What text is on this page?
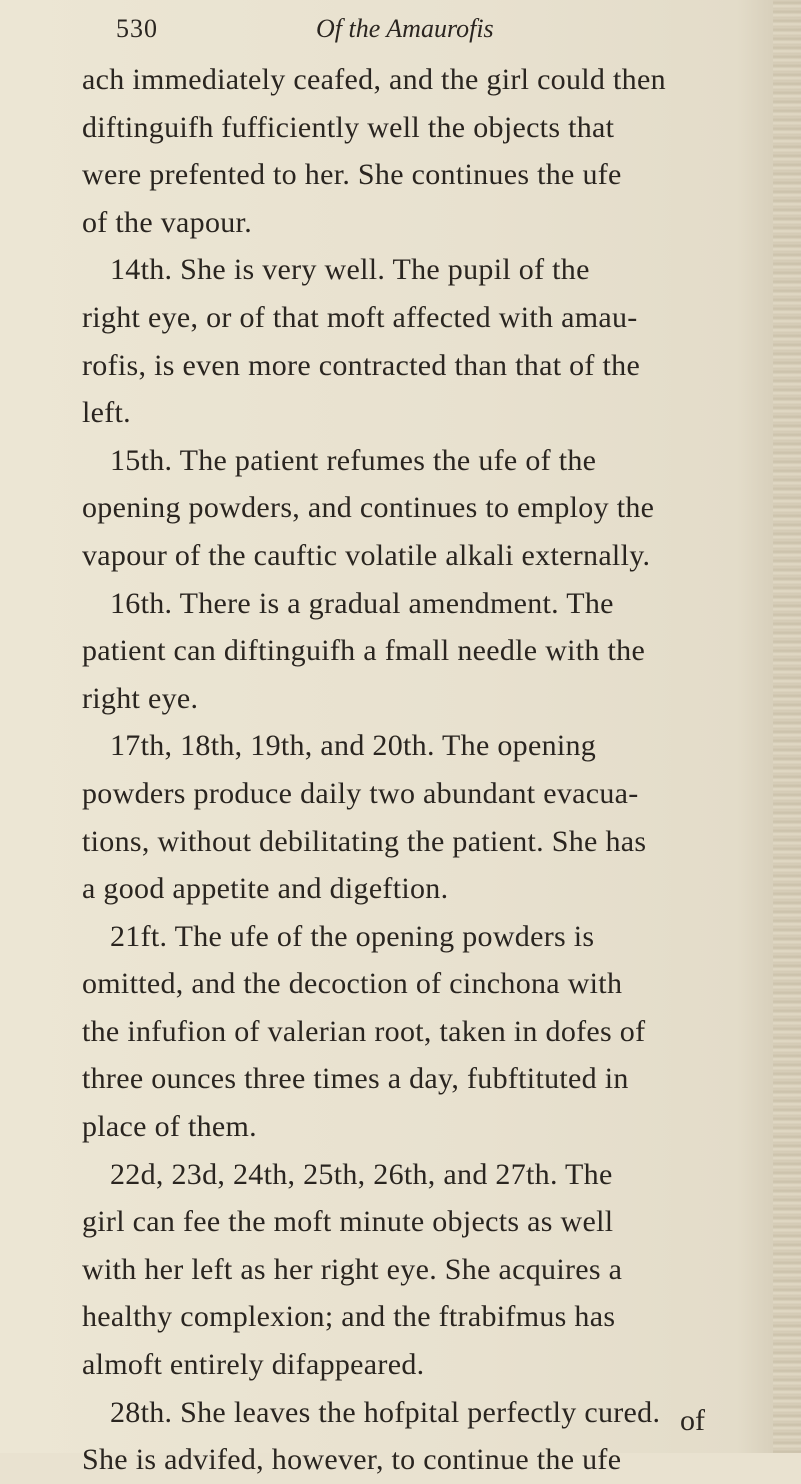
530	Of the Amaurofis
ach immediately ceafed, and the girl could then
diftinguifh fufficiently well the objects that
were prefented to her. She continues the ufe
of the vapour.
14th. She is very well. The pupil of the
right eye, or of that moft affected with amau-
rofis, is even more contracted than that of the
left.
15th. The patient refumes the ufe of the
opening powders, and continues to employ the
vapour of the cauftic volatile alkali externally.
16th. There is a gradual amendment. The
patient can diftinguifh a fmall needle with the
right eye.
17th, 18th, 19th, and 20th. The opening
powders produce daily two abundant evacua-
tions, without debilitating the patient. She has
a good appetite and digeftion.
21ft. The ufe of the opening powders is
omitted, and the decoction of cinchona with
the infufion of valerian root, taken in dofes of
three ounces three times a day, fubftituted in
place of them.
22d, 23d, 24th, 25th, 26th, and 27th. The
girl can fee the moft minute objects as well
with her left as her right eye. She acquires a
healthy complexion; and the ftrabifmus has
almoft entirely difappeared.
28th. She leaves the hofpital perfectly cured.
She is advifed, however, to continue the ufe
of
